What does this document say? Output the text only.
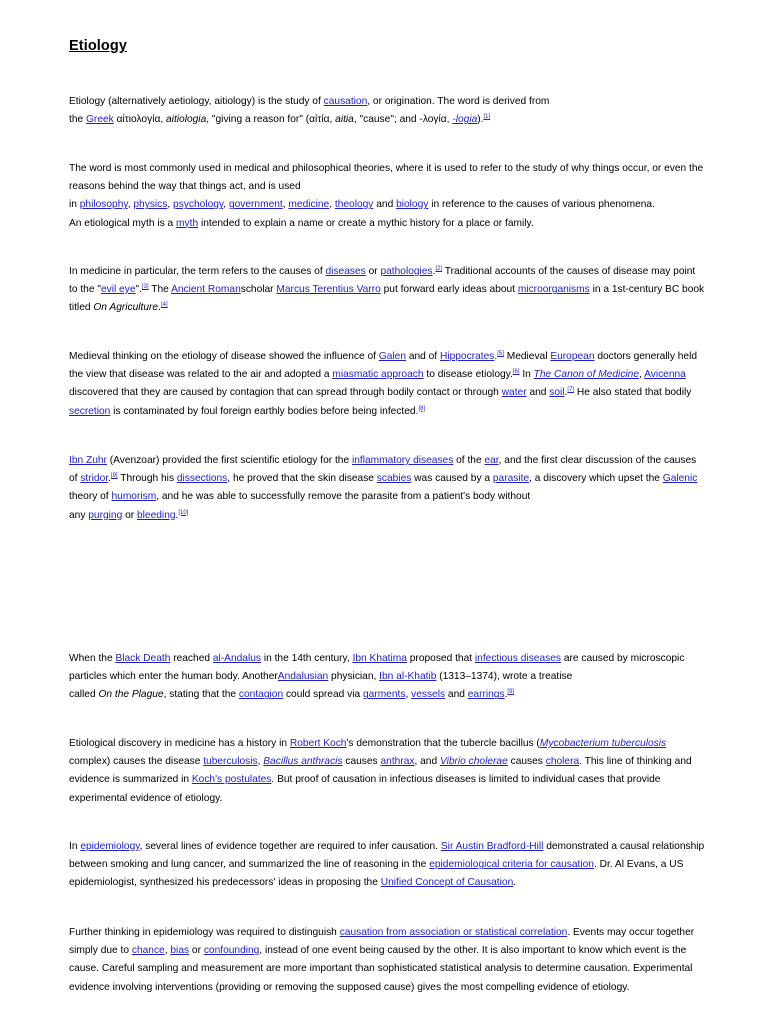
Etiology

Etiology (alternatively aetiology, aitiology) is the study of causation, or origination. The word is derived from
the Greek αἰτιολογία, aitiologia, "giving a reason for" (αἰτία, aitia, "cause"; and -λογία, -logia).[1]

The word is most commonly used in medical and philosophical theories, where it is used to refer to the study of why things occur, or even the reasons behind the way that things act, and is used
in philosophy, physics, psychology, government, medicine, theology and biology in reference to the causes of various phenomena.
An etiological myth is a myth intended to explain a name or create a mythic history for a place or family.

In medicine in particular, the term refers to the causes of diseases or pathologies.[2] Traditional accounts of the causes of disease may point to the "evil eye".[3] The Ancient Romanscholar Marcus Terentius Varro put forward early ideas about microorganisms in a 1st-century BC book titled On Agriculture.[4]

Medieval thinking on the etiology of disease showed the influence of Galen and of Hippocrates.[5] Medieval European doctors generally held the view that disease was related to the air and adopted a miasmatic approach to disease etiology.[6] In The Canon of Medicine, Avicenna discovered that they are caused by contagion that can spread through bodily contact or through water and soil.[7] He also stated that bodily secretion is contaminated by foul foreign earthly bodies before being infected.[8]

Ibn Zuhr (Avenzoar) provided the first scientific etiology for the inflammatory diseases of the ear, and the first clear discussion of the causes of stridor.[9] Through his dissections, he proved that the skin disease scabies was caused by a parasite, a discovery which upset the Galenic theory of humorism, and he was able to successfully remove the parasite from a patient's body without
any purging or bleeding.[10]

When the Black Death reached al-Andalus in the 14th century, Ibn Khatima proposed that infectious diseases are caused by microscopic particles which enter the human body. AnotherAndalusian physician, Ibn al-Khatib (1313–1374), wrote a treatise
called On the Plague, stating that the contagion could spread via garments, vessels and earrings.[9]

Etiological discovery in medicine has a history in Robert Koch's demonstration that the tubercle bacillus (Mycobacterium tuberculosis complex) causes the disease tuberculosis, Bacillus anthracis causes anthrax, and Vibrio cholerae causes cholera. This line of thinking and evidence is summarized in Koch's postulates. But proof of causation in infectious diseases is limited to individual cases that provide experimental evidence of etiology.

In epidemiology, several lines of evidence together are required to infer causation. Sir Austin Bradford-Hill demonstrated a causal relationship between smoking and lung cancer, and summarized the line of reasoning in the epidemiological criteria for causation. Dr. Al Evans, a US epidemiologist, synthesized his predecessors' ideas in proposing the Unified Concept of Causation.

Further thinking in epidemiology was required to distinguish causation from association or statistical correlation. Events may occur together simply due to chance, bias or confounding, instead of one event being caused by the other. It is also important to know which event is the cause. Careful sampling and measurement are more important than sophisticated statistical analysis to determine causation. Experimental evidence involving interventions (providing or removing the supposed cause) gives the most compelling evidence of etiology.
